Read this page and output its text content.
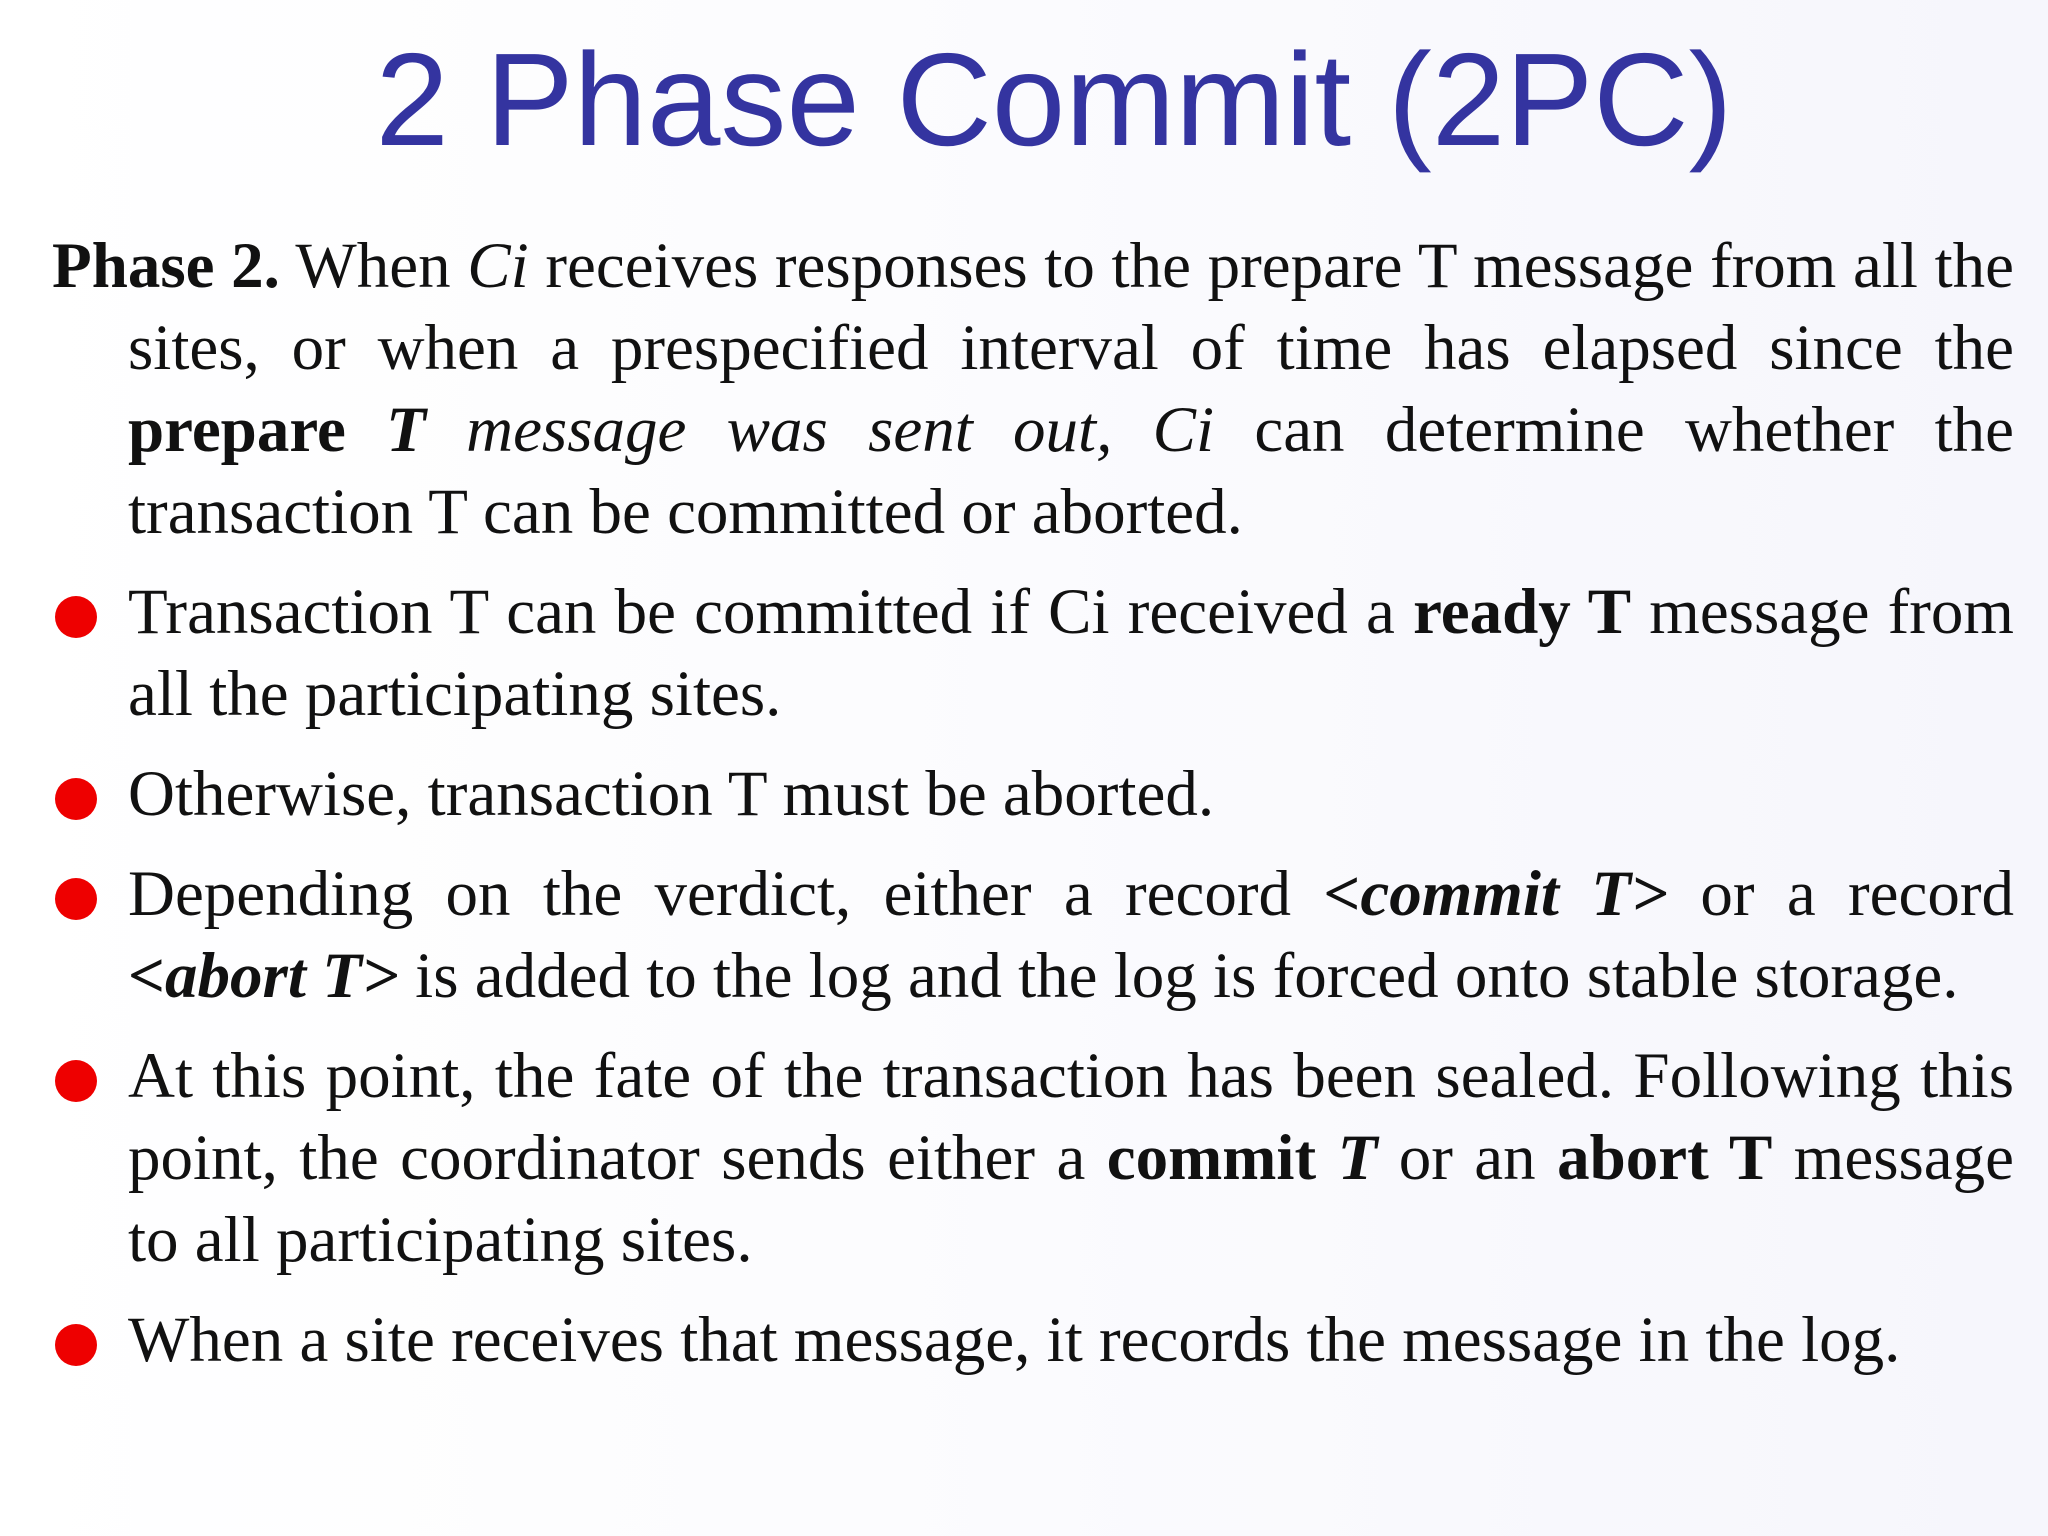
2 Phase Commit (2PC)

Phase 2. When Ci receives responses to the prepare T message from all the sites, or when a prespecified interval of time has elapsed since the prepare T message was sent out, Ci can determine whether the transaction T can be committed or aborted.

Transaction T can be committed if Ci received a ready T message from all the participating sites.
Otherwise, transaction T must be aborted.
Depending on the verdict, either a record <commit T> or a record <abort T> is added to the log and the log is forced onto stable storage.
At this point, the fate of the transaction has been sealed. Following this point, the coordinator sends either a commit T or an abort T message to all participating sites.
When a site receives that message, it records the message in the log.
